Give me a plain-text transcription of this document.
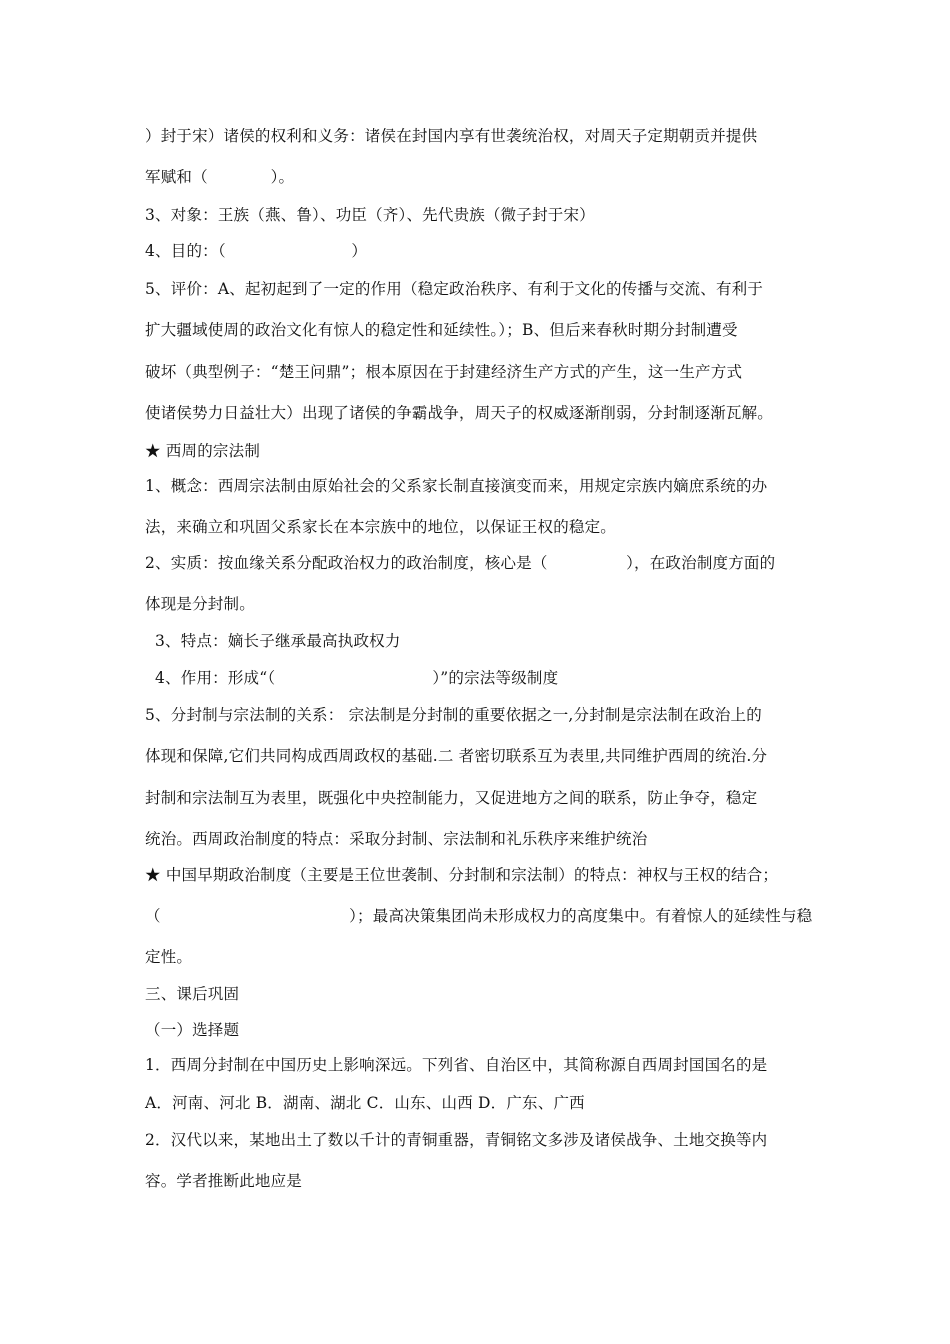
）封于宋）诸侯的权利和义务：诸侯在封国内享有世袭统治权，对周天子定期朝贡并提供
军赋和（　　　　）。
3、对象：王族（燕、鲁）、功臣（齐）、先代贵族（微子封于宋）
4、目的：（　　　　　　　　）
5、评价：A、起初起到了一定的作用（稳定政治秩序、有利于文化的传播与交流、有利于
扩大疆域使周的政治文化有惊人的稳定性和延续性。）；B、但后来春秋时期分封制遭受
破坏（典型例子：“楚王问鼎”；根本原因在于封建经济生产方式的产生，这一生产方式
使诸侯势力日益壮大）出现了诸侯的争霸战争，周天子的权威逐渐削弱，分封制逐渐瓦解。
★ 西周的宗法制
1、概念：西周宗法制由原始社会的父系家长制直接演变而来，用规定宗族内嫡庶系统的办
法，来确立和巩固父系家长在本宗族中的地位，以保证王权的稳定。
2、实质：按血缘关系分配政治权力的政治制度，核心是（　　　　　），在政治制度方面的
体现是分封制。
3、特点：嫡长子继承最高执政权力
4、作用：形成“（　　　　　　　　　　）”的宗法等级制度
5、分封制与宗法制的关系： 宗法制是分封制的重要依据之一,分封制是宗法制在政治上的
体现和保障,它们共同构成西周政权的基础.二 者密切联系互为表里,共同维护西周的统治.分
封制和宗法制互为表里，既强化中央控制能力，又促进地方之间的联系，防止争夺，稳定
统治。西周政治制度的特点：采取分封制、宗法制和礼乐秩序来维护统治
★ 中国早期政治制度（主要是王位世袭制、分封制和宗法制）的特点：神权与王权的结合；
（　　　　　　　　　　　　）；最高决策集团尚未形成权力的高度集中。有着惊人的延续性与稳
定性。
三、课后巩固
（一）选择题
1．西周分封制在中国历史上影响深远。下列省、自治区中，其简称源自西周封国国名的是
A．河南、河北 B．湖南、湖北 C．山东、山西 D．广东、广西
2．汉代以来，某地出土了数以千计的青铜重器，青铜铭文多涉及诸侯战争、土地交换等内
容。学者推断此地应是
